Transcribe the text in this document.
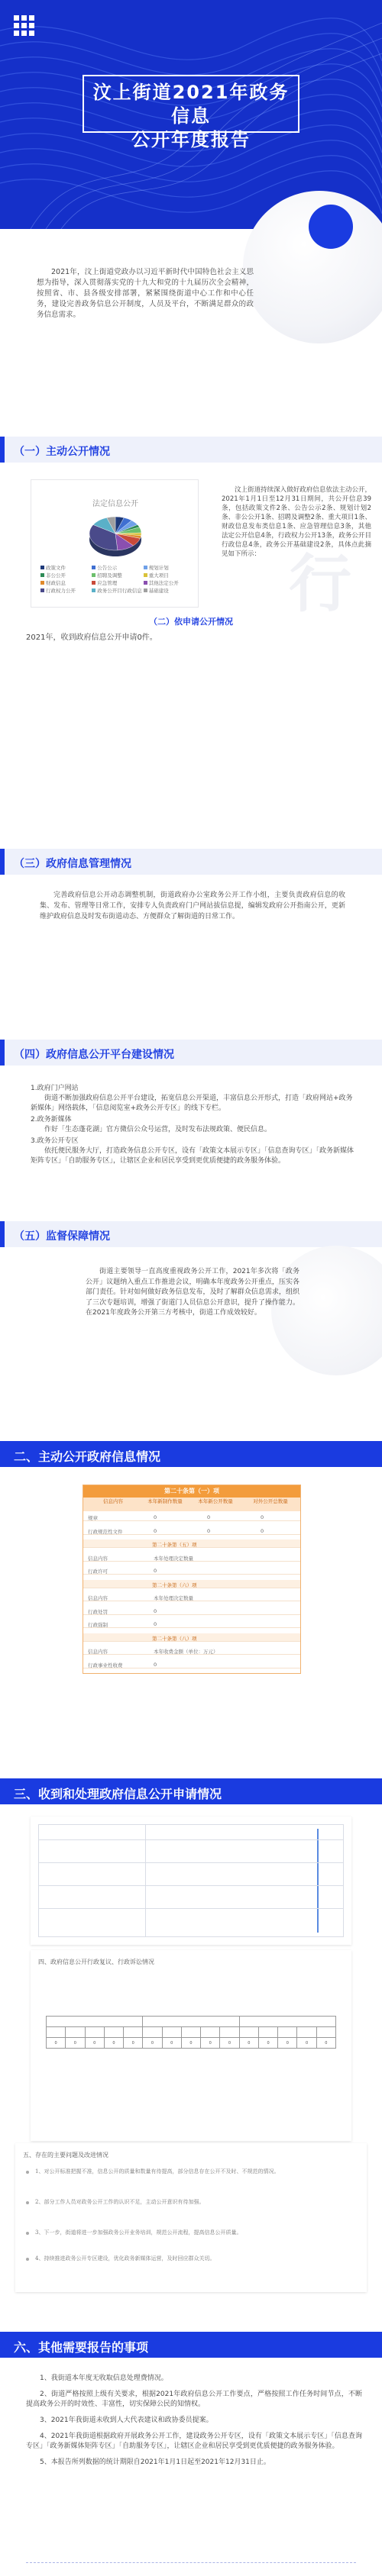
汶上街道2021年政务信息
公开年度报告
2021年，汶上街道党政办以习近平新时代中国特色社会主义思想为指导，深入贯彻落实党的十九大和党的十九届历次全会精神，按照省、市、县各级安排部署，紧紧围绕街道中心工作和中心任务，建设完善政务信息公开制度，人员及平台，不断满足群众的政务信息需求。
（一）主动公开情况
行
法定信息公开
政策文件	公告公示	规划计划
非公公开	招聘及调整	重大项目
财政信息	应急管理	其他法定公开
行政权力公开	政务公开目行政信息 基础建设
汶上街道持续深入做好政府信息依法主动公开，2021年1月1日至12月31日期间，共公开信息39条，包括政策文件2条、公告公示2条、规划计划2条、非公公开1条、招聘及调整2条、重大项目1条、财政信息发布类信息1条、应急管理信息3条，其他法定公开信息4条，行政权力公开13条，政务公开目行政信息4条，政务公开基础建设2条，具体点此摘见如下所示：
（二）依申请公开情况
2021年，收到政府信息公开申请0件。
（三）政府信息管理情况
完善政府信息公开动态调整机制，街道政府办公室政务公开工作小组，主要负责政府信息的收集、发布、管理等日常工作，安排专人负责政府门户网站拔信息提，编辑发政府公开指南公开，更新维护政府信息及时发布街道动态、方便群众了解街道的日常工作。
（四）政府信息公开平台建设情况
1.政府门户网站
街道不断加强政府信息公开平台建设，拓宽信息公开渠道，丰富信息公开形式，打造「政府网站+政务新媒体」网络载体，「信息阅览室+政务公开专区」的线下专栏。
2.政务新媒体
作好「生态蓬花湖」官方微信公众号运营，及时发布法规政策、便民信息。
3.政务公开专区
依托便民服务大厅，打造政务信息公开专区，设有「政策文本展示专区」「信息查询专区」「政务新媒体矩阵专区」「自助服务专区」，让辖区企业和居民享受到更优质便捷的政务服务体验。
（五）监督保障情况
街道主要领导一直高度重视政务公开工作，2021年多次将「政务公开」议题纳入重点工作推进会议，明确本年度政务公开重点，压实各部门责任。针对如何做好政务信息发布，及时了解群众信息需求，组织了三次专题培训，增强了街道门人员信息公开意识，提升了操作能力。在2021年度政务公开第三方考核中，街道工作成效较好。
二、主动公开政府信息情况
第二十条第（一）项
信息内容	本年新制作数量	本年新公开数量	对外公开总数量
规章	0	0	0
行政规范性文件	0	0	0
第二十条第（五）项
信息内容	本年处理决定数量
行政许可	0
第二十条第（六）项
信息内容	本年处理决定数量
行政处罚	0
行政强制	0
第二十条第（八）项
信息内容	本年收费金额（单位：万元）
行政事业性收费	0
三、收到和处理政府信息公开申请情况
四、政府信息公开行政复议、行政诉讼情况

0	0	0	0	0	0	0	0	0	0	0	0	0	0	0
五、存在的主要问题及改进情况
1、对公开标准把握不准，信息公开的质量和数量有待提高，部分信息存在公开不及时、不规范的情况。
2、部分工作人员对政务公开工作的认识不足，主动公开意识有待加强。
3、下一步，街道将进一步加强政务公开业务培训，规范公开流程，提高信息公开质量。
4、持续推进政务公开专区建设，优化政务新媒体运营，及时回应群众关切。
六、其他需要报告的事项

1、我街道本年度无收取信息处理费情况。

2、街道严格按照上级有关要求，根据2021年政府信息公开工作要点，严格按照工作任务时间节点，不断提高政务公开的时效性、丰富性，切实保障公民的知情权。

3、2021年我街道未收到人大代表建议和政协委员提案。

4、2021年我街道根据政府开展政务公开工作，建设政务公开专区，设有「政策文本展示专区」「信息查询专区」「政务新媒体矩阵专区」「自助服务专区」，让辖区企业和居民享受到更优质便捷的政务服务体验。

5、本报告所列数据的统计期限自2021年1月1日起至2021年12月31日止。
